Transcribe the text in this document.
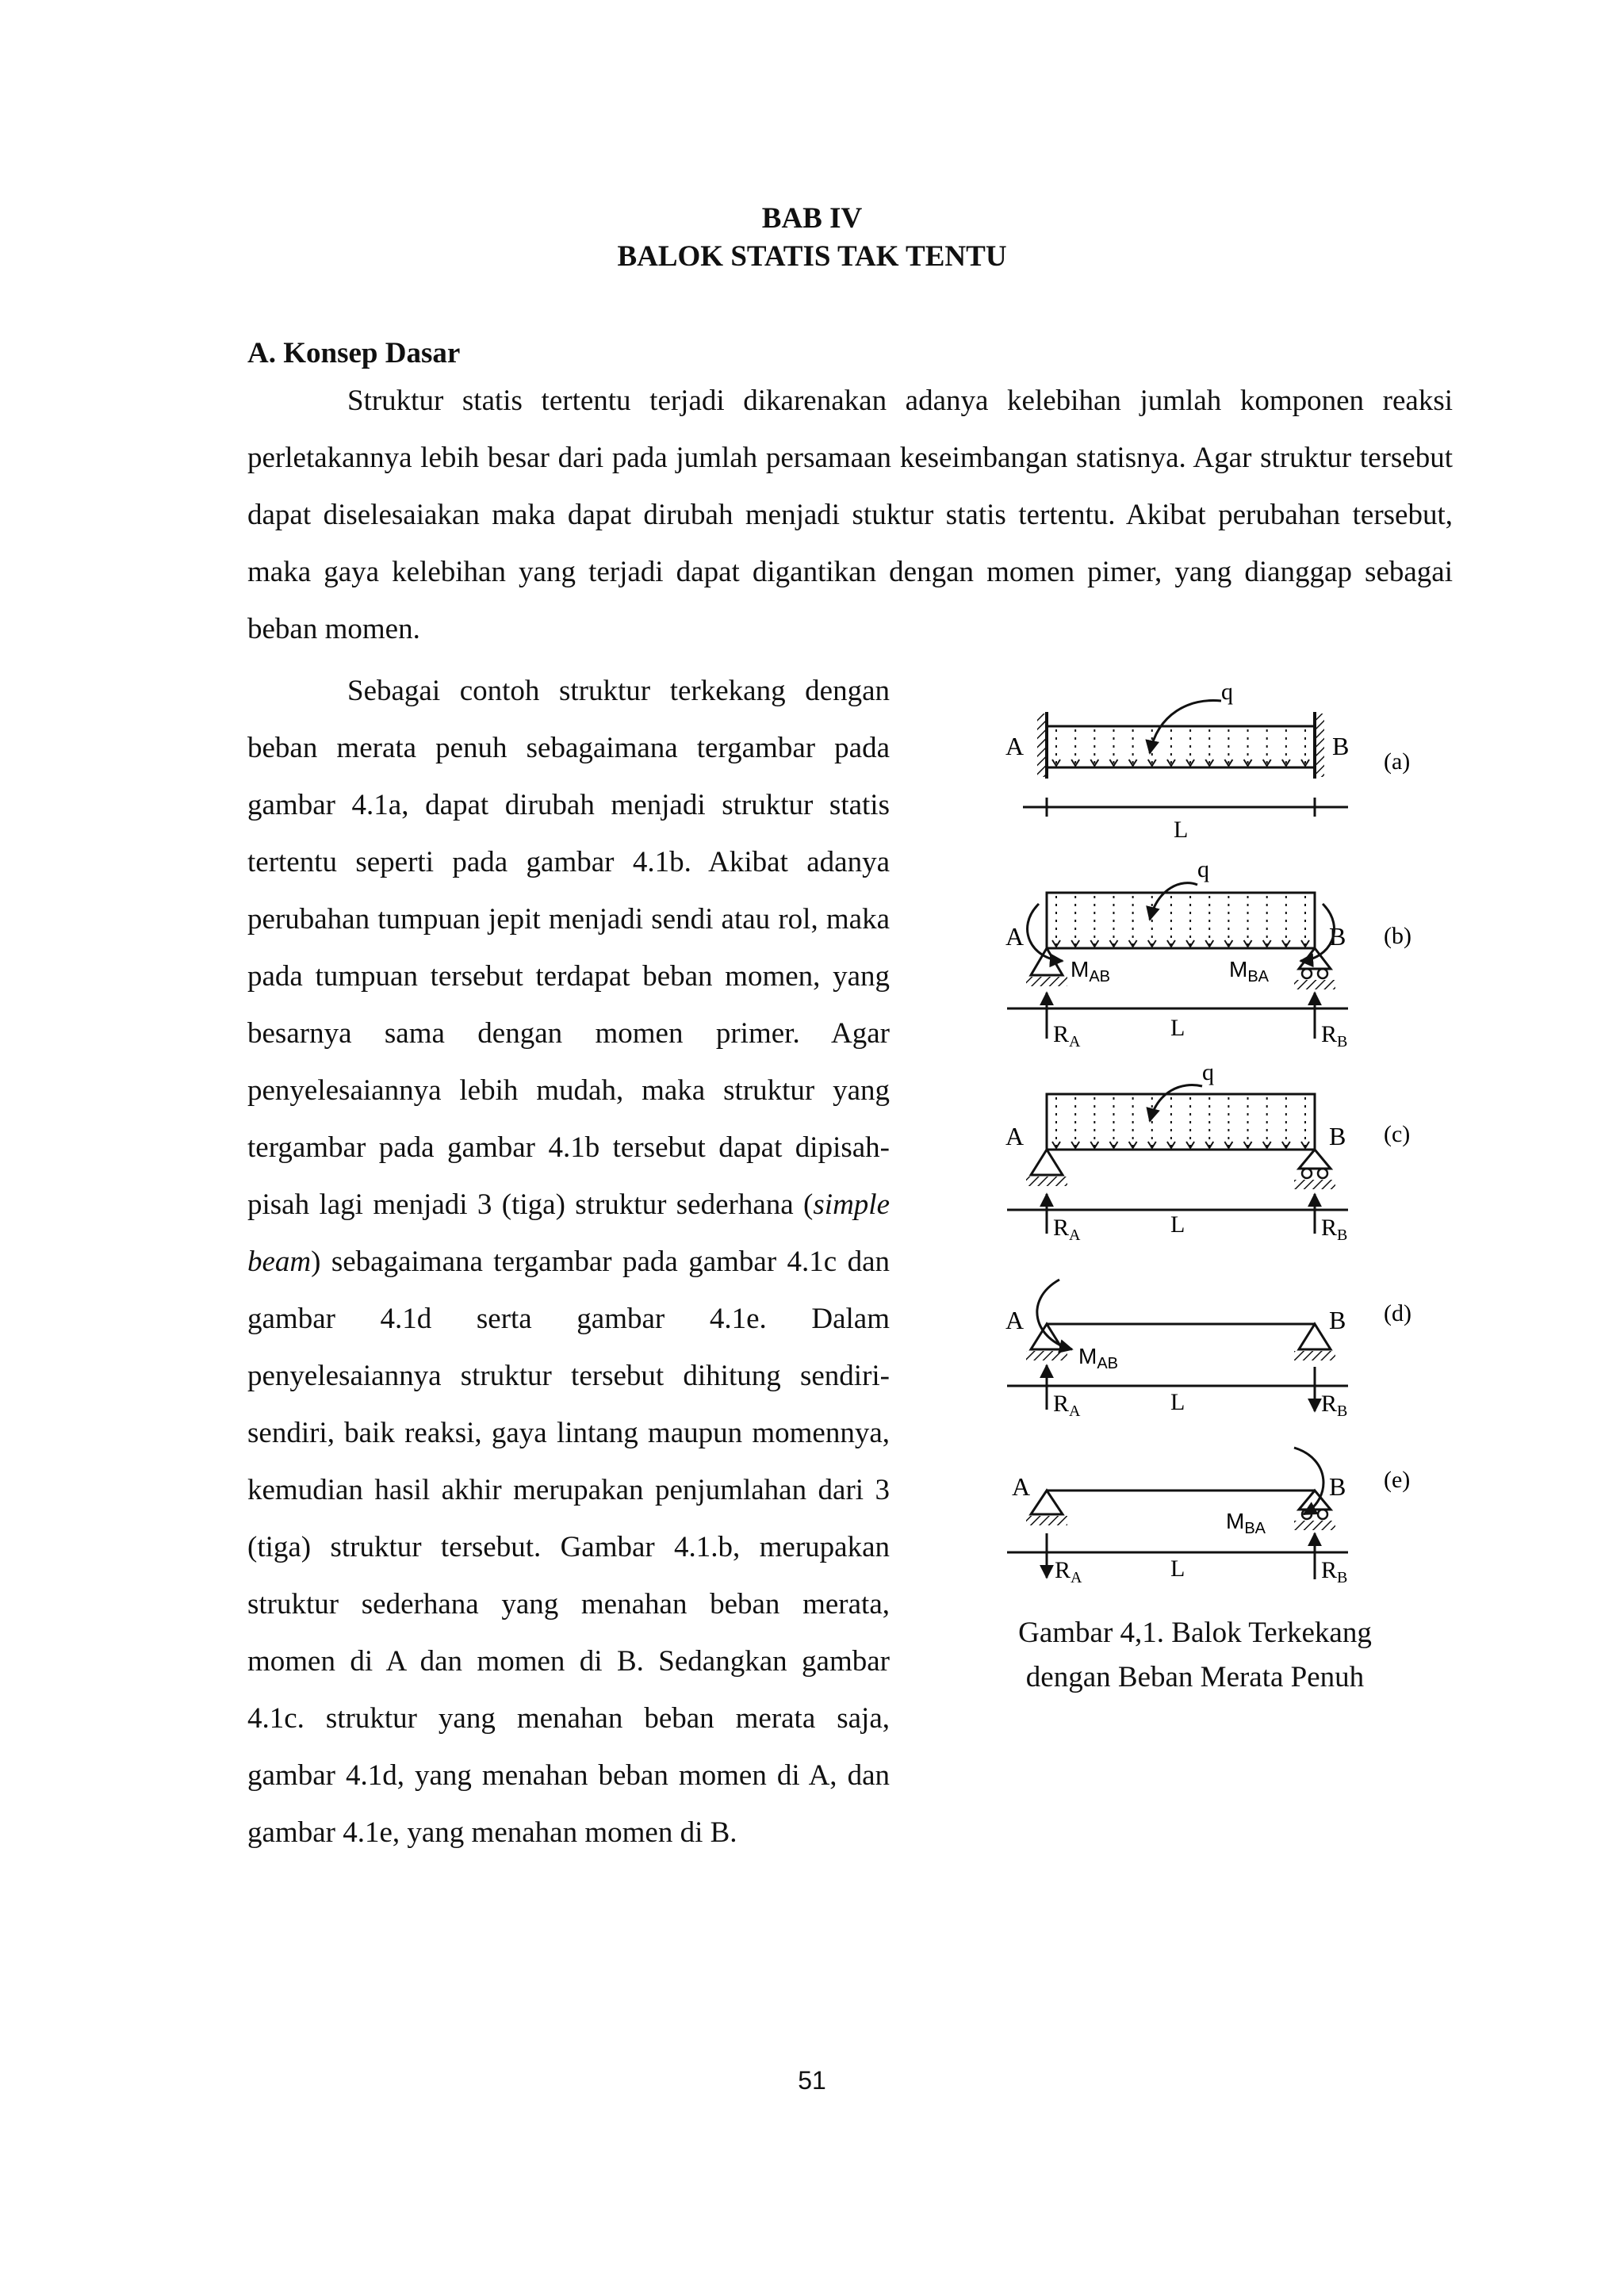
BAB IV
BALOK STATIS TAK TENTU
A. Konsep Dasar

Struktur statis tertentu terjadi dikarenakan adanya kelebihan jumlah komponen reaksi perletakannya lebih besar dari pada jumlah persamaan keseimbangan statisnya. Agar struktur tersebut dapat diselesaiakan maka dapat dirubah menjadi stuktur statis tertentu. Akibat perubahan tersebut, maka gaya kelebihan yang terjadi dapat digantikan dengan momen pimer, yang dianggap sebagai beban momen.

Sebagai contoh struktur terkekang dengan beban merata penuh sebagaimana tergambar pada gambar 4.1a, dapat dirubah menjadi struktur statis tertentu seperti pada gambar 4.1b. Akibat adanya perubahan tumpuan jepit menjadi sendi atau rol, maka pada tumpuan tersebut terdapat beban momen, yang besarnya sama dengan momen primer. Agar penyelesaiannya lebih mudah, maka struktur yang tergambar pada gambar 4.1b tersebut dapat dipisah-pisah lagi menjadi 3 (tiga) struktur sederhana (simple beam) sebagaimana tergambar pada gambar 4.1c dan gambar 4.1d serta gambar 4.1e. Dalam penyelesaiannya struktur tersebut dihitung sendiri-sendiri, baik reaksi, gaya lintang maupun momennya, kemudian hasil akhir merupakan penjumlahan dari 3 (tiga) struktur tersebut. Gambar 4.1.b, merupakan struktur sederhana yang menahan beban merata, momen di A dan momen di B. Sedangkan gambar 4.1c. struktur yang menahan beban merata saja, gambar 4.1d, yang menahan beban momen di A, dan gambar 4.1e, yang menahan momen di B.

q
A	B
(a)
L
q
A	B (b)
$M_{AB}$	$M_{BA}$
$R_A$	$R_B$
L
q
A	B (c)
$R_A$	$R_B$
L
A	B (d)
$M_{AB}$
$R_A$	$R_B$
L
A	B (e)
$M_{BA}$
$R_A$	$R_B$
L
Gambar 4,1. Balok Terkekang
dengan Beban Merata Penuh
51
